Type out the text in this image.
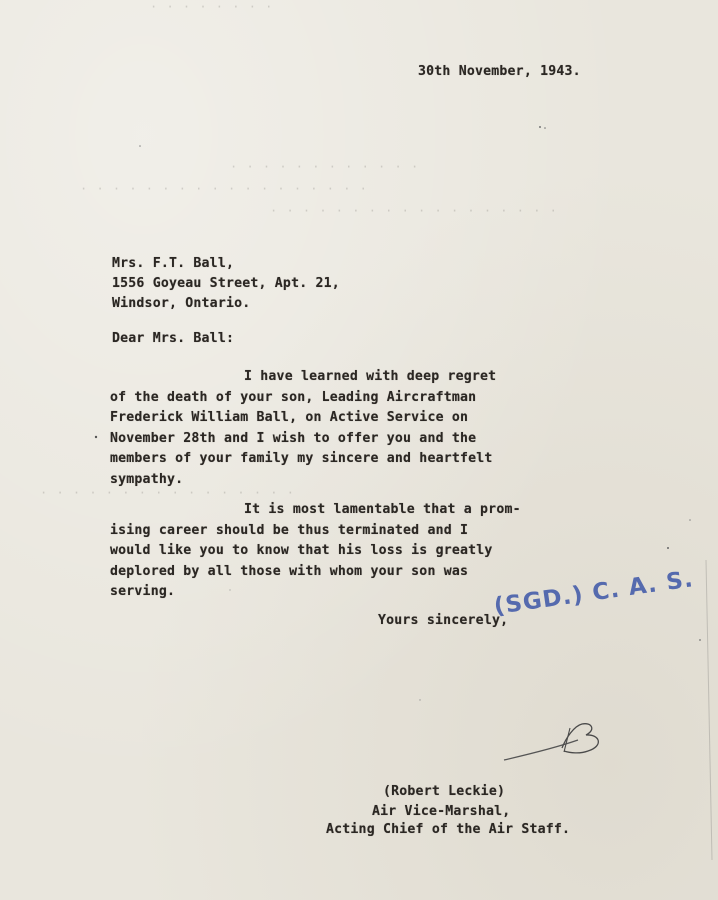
· · · · · · · ·
· · · · · · · · · · · ·
· · · · · · · · · · · · · · · · · ·
· · · · · · · · · · · · · · · · · ·
· · · · · · · · · · · · · · · ·
30th November, 1943.
Mrs. F.T. Ball,
1556 Goyeau Street, Apt. 21,
Windsor, Ontario.
Dear Mrs. Ball:
I have learned with deep regret
of the death of your son, Leading Aircraftman
Frederick William Ball, on Active Service on
November 28th and I wish to offer you and the
members of your family my sincere and heartfelt
sympathy.
It is most lamentable that a prom-
ising career should be thus terminated and I
would like you to know that his loss is greatly
deplored by all those with whom your son was
serving.
Yours sincerely,
(SGD.) C. A. S.
(Robert Leckie)
Air Vice-Marshal,
Acting Chief of the Air Staff.
